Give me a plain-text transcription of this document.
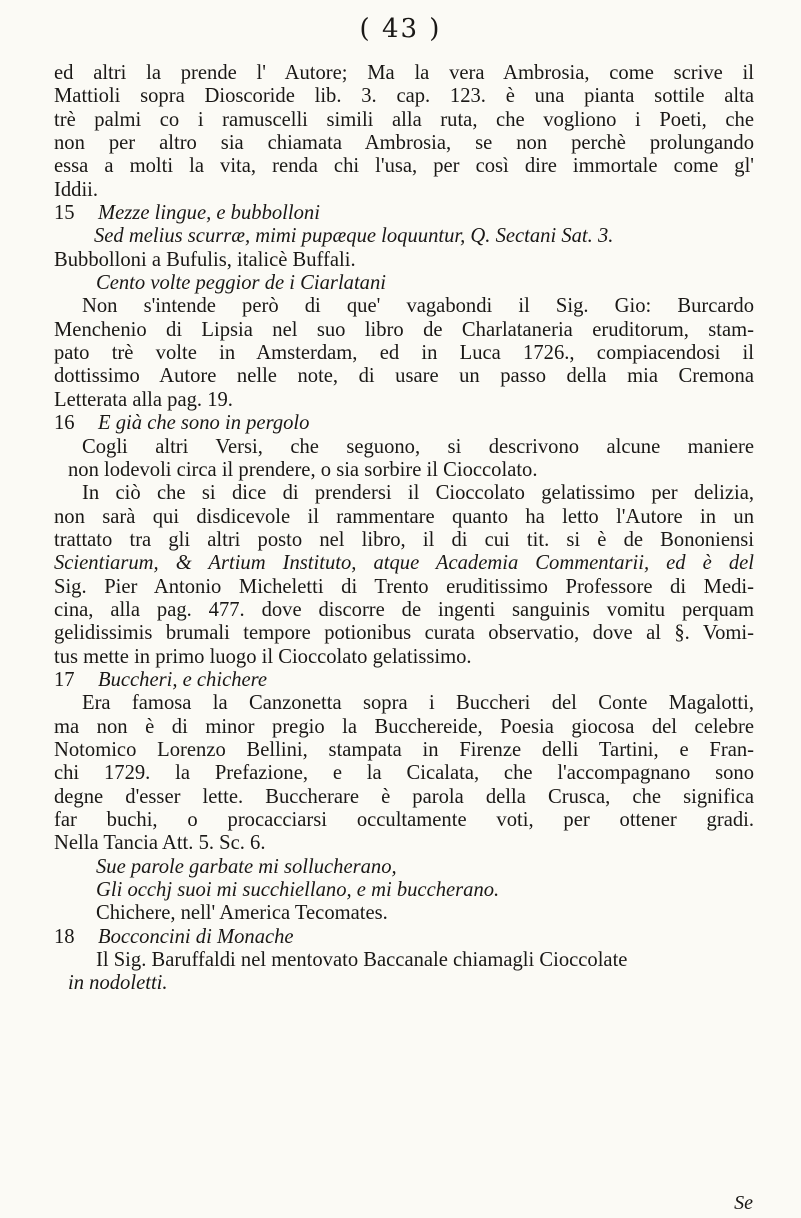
( 43 )
ed altri la prende l' Autore; Ma la vera Ambrosia, come scrive il
Mattioli sopra Dioscoride lib. 3. cap. 123. è una pianta sottile alta
trè palmi co i ramuscelli simili alla ruta, che vogliono i Poeti, che
non per altro sia chiamata Ambrosia, se non perchè prolungando
essa a molti la vita, renda chi l'usa, per così dire immortale come gl'
Iddii.
15 Mezze lingue, e bubbolloni
Sed melius scurræ, mimi pupæque loquuntur, Q. Sectani Sat. 3.
Bubbolloni a Bufulis, italicè Buffali.
Cento volte peggior de i Ciarlatani
Non s'intende però di que' vagabondi il Sig. Gio: Burcardo
Menchenio di Lipsia nel suo libro de Charlataneria eruditorum, stam-
pato trè volte in Amsterdam, ed in Luca 1726., compiacendosi il
dottissimo Autore nelle note, di usare un passo della mia Cremona
Letterata alla pag. 19.
16 E già che sono in pergolo
Cogli altri Versi, che seguono, si descrivono alcune maniere
non lodevoli circa il prendere, o sia sorbire il Cioccolato.
In ciò che si dice di prendersi il Cioccolato gelatissimo per delizia,
non sarà qui disdicevole il rammentare quanto ha letto l'Autore in un
trattato tra gli altri posto nel libro, il di cui tit. si è de Bononiensi
Scientiarum, & Artium Instituto, atque Academia Commentarii, ed è del
Sig. Pier Antonio Micheletti di Trento eruditissimo Professore di Medi-
cina, alla pag. 477. dove discorre de ingenti sanguinis vomitu perquam
gelidissimis brumali tempore potionibus curata observatio, dove al §. Vomi-
tus mette in primo luogo il Cioccolato gelatissimo.
17 Buccheri, e chichere
Era famosa la Canzonetta sopra i Buccheri del Conte Magalotti,
ma non è di minor pregio la Bucchereide, Poesia giocosa del celebre
Notomico Lorenzo Bellini, stampata in Firenze delli Tartini, e Fran-
chi 1729. la Prefazione, e la Cicalata, che l'accompagnano sono
degne d'esser lette. Buccherare è parola della Crusca, che significa
far buchi, o procacciarsi occultamente voti, per ottener gradi.
Nella Tancia Att. 5. Sc. 6.
Sue parole garbate mi sollucherano,
Gli occhj suoi mi succhiellano, e mi buccherano.
Chichere, nell' America Tecomates.
18 Bocconcini di Monache
Il Sig. Baruffaldi nel mentovato Baccanale chiamagli Cioccolate
in nodoletti.
Se
